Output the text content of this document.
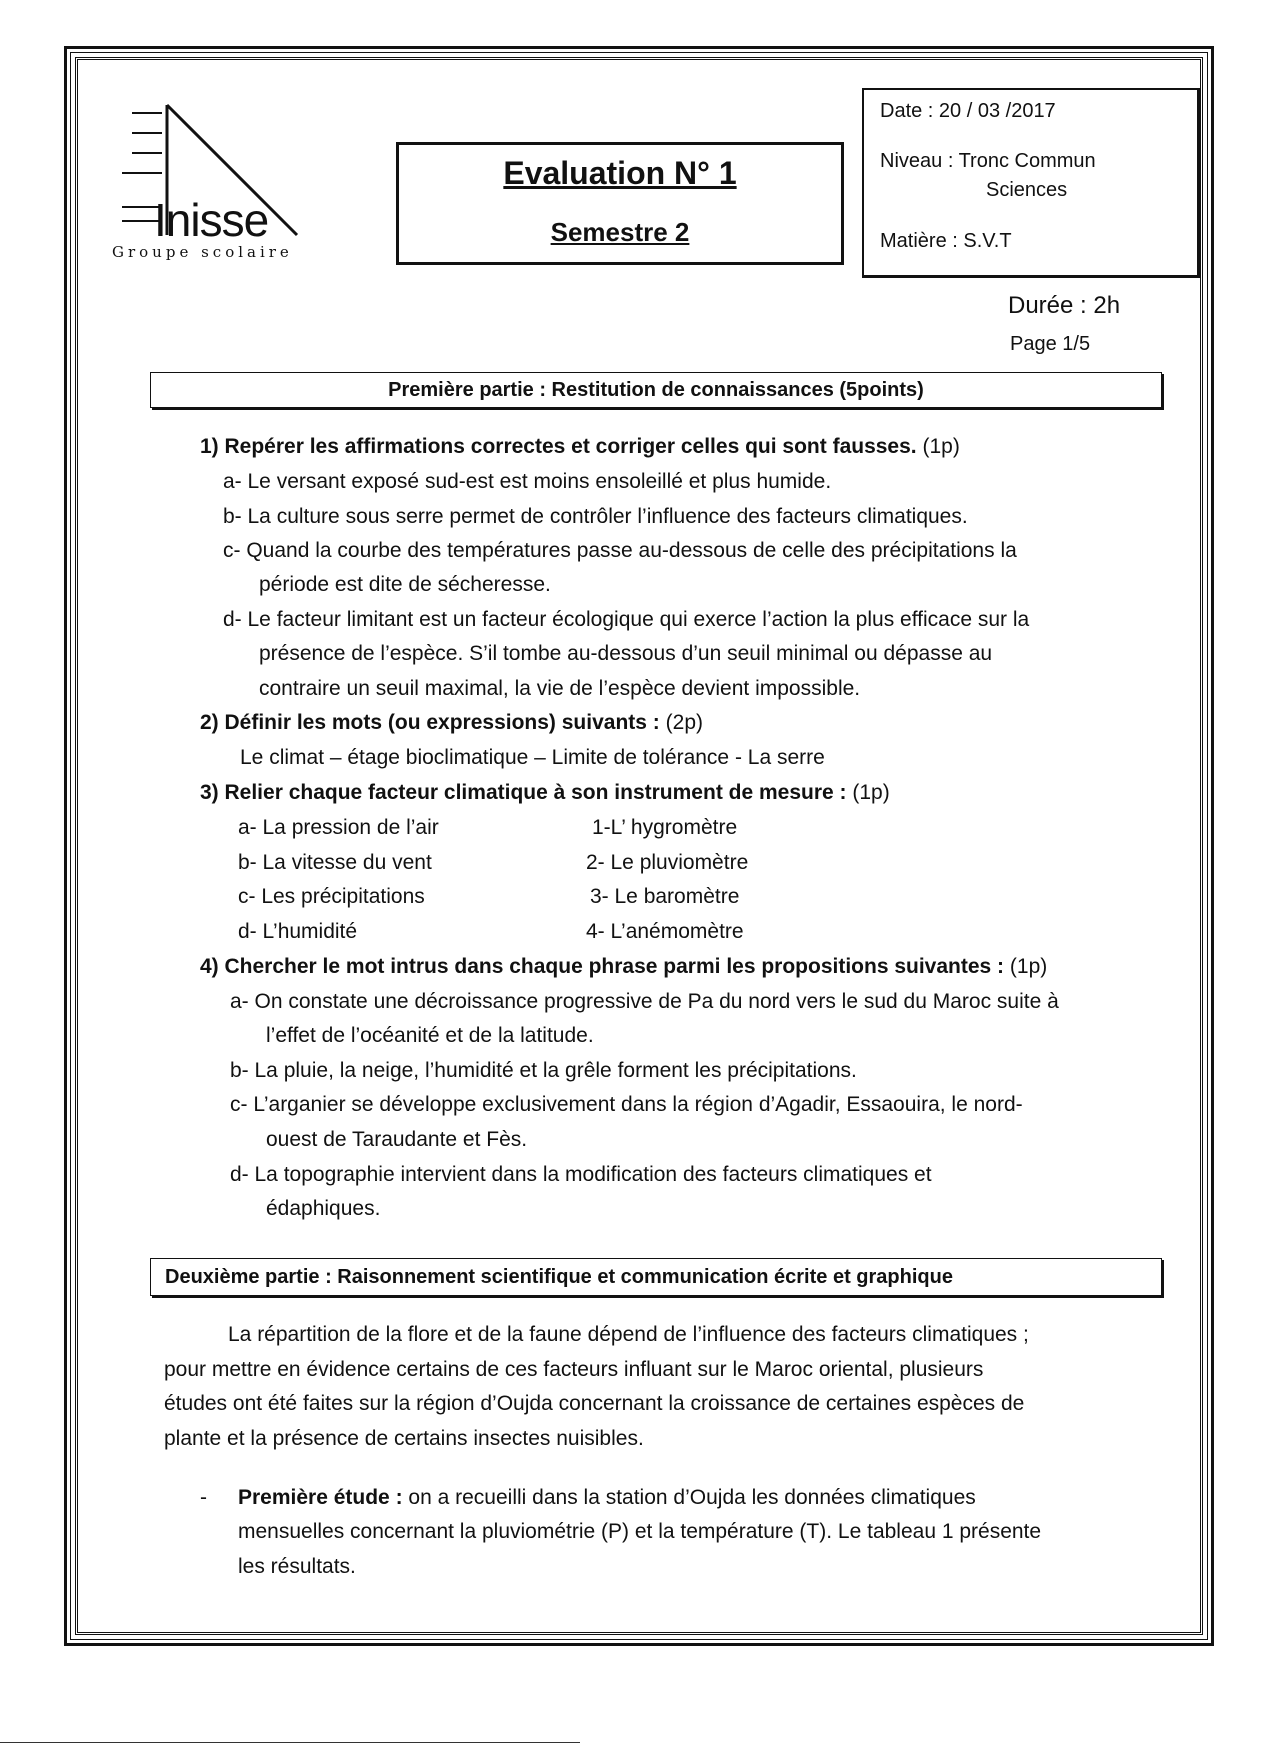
Inisse
Groupe scolaire
Evaluation N° 1
Semestre 2
Date : 20 / 03 /2017
Niveau : Tronc Commun
Sciences
Matière : S.V.T
Durée : 2h
Page 1/5
Première partie : Restitution de connaissances (5points)
1) Repérer les affirmations correctes et corriger celles qui sont fausses. (1p)
a- Le versant exposé sud-est est moins ensoleillé et plus humide.
b- La culture sous serre permet de contrôler l’influence des facteurs climatiques.
c- Quand la courbe des températures passe au-dessous de celle des précipitations la
période est dite de sécheresse.
d- Le facteur limitant est un facteur écologique qui exerce l’action la plus efficace sur la
présence de l’espèce. S’il tombe au-dessous d’un seuil minimal ou dépasse au
contraire un seuil maximal, la vie de l’espèce devient impossible.
2) Définir les mots (ou expressions) suivants : (2p)
Le climat – étage bioclimatique – Limite de tolérance - La serre
3) Relier chaque facteur climatique à son instrument de mesure : (1p)
a- La pression de l’air
b- La vitesse du vent
c- Les précipitations
d- L’humidité
1-L’ hygromètre
2- Le pluviomètre
3- Le baromètre
4- L’anémomètre
4) Chercher le mot intrus dans chaque phrase parmi les propositions suivantes : (1p)
a- On constate une décroissance progressive de Pa du nord vers le sud du Maroc suite à
l’effet de l’océanité et de la latitude.
b- La pluie, la neige, l’humidité et la grêle forment les précipitations.
c- L’arganier se développe exclusivement dans la région d’Agadir, Essaouira, le nord-
ouest de Taraudante et Fès.
d- La topographie intervient dans la modification des facteurs climatiques et
édaphiques.
Deuxième partie : Raisonnement scientifique et communication écrite et graphique
La répartition de la flore et de la faune dépend de l’influence des facteurs climatiques ;
pour mettre en évidence certains de ces facteurs influant sur le Maroc oriental, plusieurs
études ont été faites sur la région d’Oujda concernant la croissance de certaines espèces de
plante et la présence de certains insectes nuisibles.
- Première étude : on a recueilli dans la station d’Oujda les données climatiques
mensuelles concernant la pluviométrie (P) et la température (T). Le tableau 1 présente
les résultats.
